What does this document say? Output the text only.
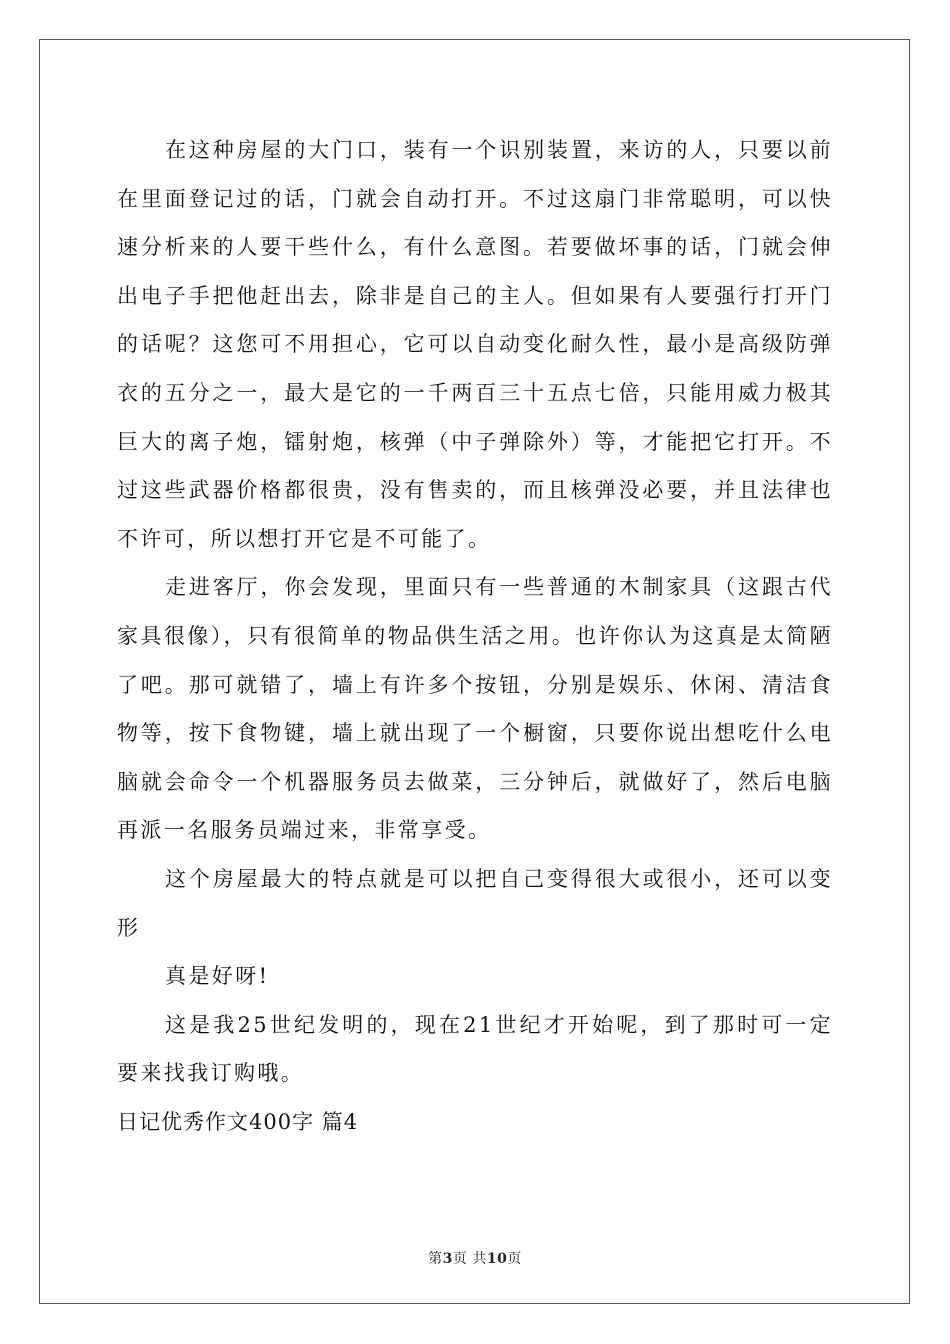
在这种房屋的大门口，装有一个识别装置，来访的人，只要以前在里面登记过的话，门就会自动打开。不过这扇门非常聪明，可以快速分析来的人要干些什么，有什么意图。若要做坏事的话，门就会伸出电子手把他赶出去，除非是自己的主人。但如果有人要强行打开门的话呢？这您可不用担心，它可以自动变化耐久性，最小是高级防弹衣的五分之一，最大是它的一千两百三十五点七倍，只能用威力极其巨大的离子炮，镭射炮，核弹（中子弹除外）等，才能把它打开。不过这些武器价格都很贵，没有售卖的，而且核弹没必要，并且法律也不许可，所以想打开它是不可能了。

走进客厅，你会发现，里面只有一些普通的木制家具（这跟古代家具很像），只有很简单的物品供生活之用。也许你认为这真是太简陋了吧。那可就错了，墙上有许多个按钮，分别是娱乐、休闲、清洁食物等，按下食物键，墙上就出现了一个橱窗，只要你说出想吃什么电脑就会命令一个机器服务员去做菜，三分钟后，就做好了，然后电脑再派一名服务员端过来，非常享受。

这个房屋最大的特点就是可以把自己变得很大或很小，还可以变形

真是好呀!

这是我25世纪发明的，现在21世纪才开始呢，到了那时可一定要来找我订购哦。

日记优秀作文400字 篇4

第3页 共10页
